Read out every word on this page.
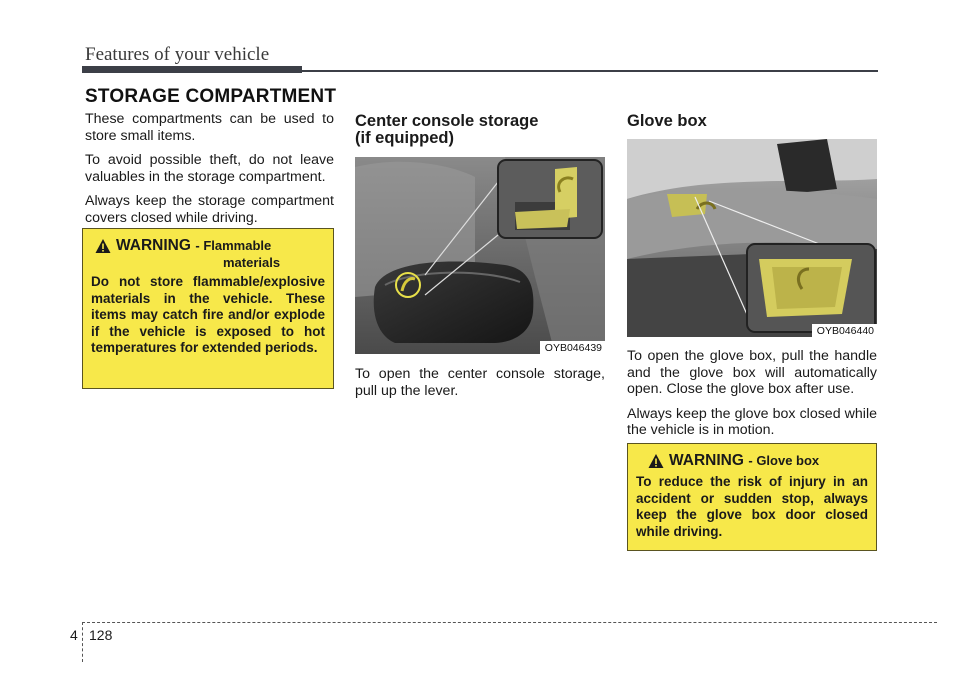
Features of your vehicle
STORAGE COMPARTMENT

These compartments can be used to store small items.

To avoid possible theft, do not leave valuables in the storage compartment.

Always keep the storage compartment covers closed while driving.

WARNING - Flammable
materials
Do not store flammable/explosive materials in the vehicle. These items may catch fire and/or explode if the vehicle is exposed to hot temperatures for extended periods.
Center console storage
(if equipped)
OYB046439
To open the center console storage, pull up the lever.
Glove box
OYB046440

To open the glove box, pull the handle and the glove box will automatically open. Close the glove box after use.

Always keep the glove box closed while the vehicle is in motion.

WARNING - Glove box
To reduce the risk of injury in an accident or sudden stop, always keep the glove box door closed while driving.
4 128
